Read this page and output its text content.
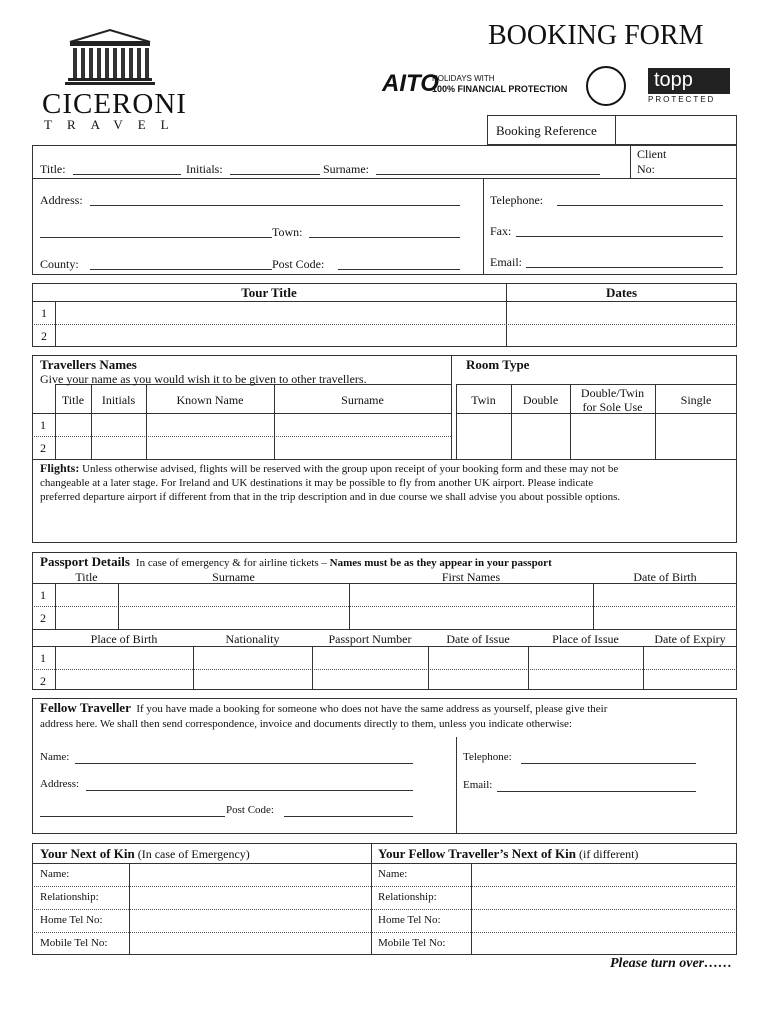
CICERONI
TRAVEL
BOOKING FORM
AITO
HOLIDAYS WITH
100% FINANCIAL PROTECTION	topp
PROTECTED
Booking Reference
Client
No:
Title:	Initials:	Surname:
Address:	Telephone:
Town:	Fax:
County:	Post Code:	Email:
Tour Title	Dates
1
2
Travellers Names
Give your name as you would wish it to be given to other travellers.
Room Type
Title	Initials	Known Name	Surname	Twin	Double	Double/Twin
for Sole Use	Single
1
2
Flights: Unless otherwise advised, flights will be reserved with the group upon receipt of your booking form and these may not be
changeable at a later stage. For Ireland and UK destinations it may be possible to fly from another UK airport. Please indicate
preferred departure airport if different from that in the trip description and in due course we shall advise you about possible options.
Passport Details In case of emergency & for airline tickets – Names must be as they appear in your passport
Title	Surname	First Names	Date of Birth
1
2
Place of Birth	Nationality	Passport Number	Date of Issue	Place of Issue	Date of Expiry
1
2
Fellow Traveller If you have made a booking for someone who does not have the same address as yourself, please give their
address here. We shall then send correspondence, invoice and documents directly to them, unless you indicate otherwise:
Name:
Address:
Post Code:
Telephone:
Email:
Your Next of Kin (In case of Emergency)	Your Fellow Traveller’s Next of Kin (if different)
Name:
Relationship:
Home Tel No:
Mobile Tel No:
Name:
Relationship:
Home Tel No:
Mobile Tel No:
Please turn over……
